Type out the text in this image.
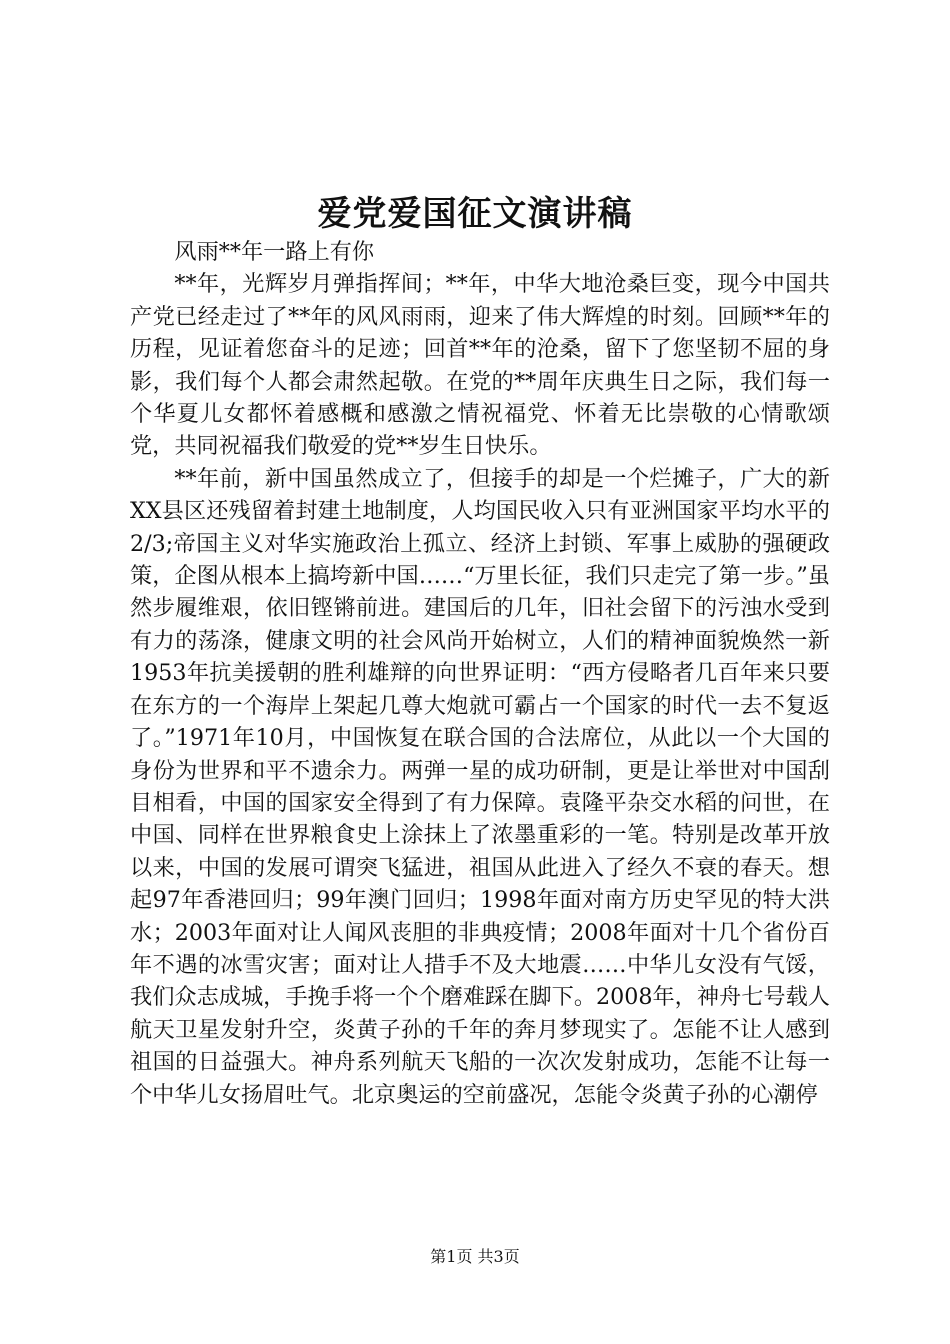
爱党爱国征文演讲稿

风雨**年一路上有你

**年，光辉岁月弹指挥间；**年，中华大地沧桑巨变，现今中国共产党已经走过了**年的风风雨雨，迎来了伟大辉煌的时刻。回顾**年的历程，见证着您奋斗的足迹；回首**年的沧桑，留下了您坚韧不屈的身影，我们每个人都会肃然起敬。在党的**周年庆典生日之际，我们每一个华夏儿女都怀着感概和感激之情祝福党、怀着无比崇敬的心情歌颂党，共同祝福我们敬爱的党**岁生日快乐。

**年前，新中国虽然成立了，但接手的却是一个烂摊子，广大的新XX县区还残留着封建土地制度，人均国民收入只有亚洲国家平均水平的2/3;帝国主义对华实施政治上孤立、经济上封锁、军事上威胁的强硬政策，企图从根本上搞垮新中国……“万里长征，我们只走完了第一步。”虽然步履维艰，依旧铿锵前进。建国后的几年，旧社会留下的污浊水受到有力的荡涤，健康文明的社会风尚开始树立，人们的精神面貌焕然一新1953年抗美援朝的胜利雄辩的向世界证明：“西方侵略者几百年来只要在东方的一个海岸上架起几尊大炮就可霸占一个国家的时代一去不复返了。”1971年10月，中国恢复在联合国的合法席位，从此以一个大国的身份为世界和平不遗余力。两弹一星的成功研制，更是让举世对中国刮目相看，中国的国家安全得到了有力保障。袁隆平杂交水稻的问世，在中国、同样在世界粮食史上涂抹上了浓墨重彩的一笔。特别是改革开放以来，中国的发展可谓突飞猛进，祖国从此进入了经久不衰的春天。想起97年香港回归；99年澳门回归；1998年面对南方历史罕见的特大洪水；2003年面对让人闻风丧胆的非典疫情；2008年面对十几个省份百年不遇的冰雪灾害；面对让人措手不及大地震……中华儿女没有气馁，我们众志成城，手挽手将一个个磨难踩在脚下。2008年，神舟七号载人航天卫星发射升空，炎黄子孙的千年的奔月梦现实了。怎能不让人感到祖国的日益强大。神舟系列航天飞船的一次次发射成功，怎能不让每一个中华儿女扬眉吐气。北京奥运的空前盛况，怎能令炎黄子孙的心潮停

第1页 共3页
